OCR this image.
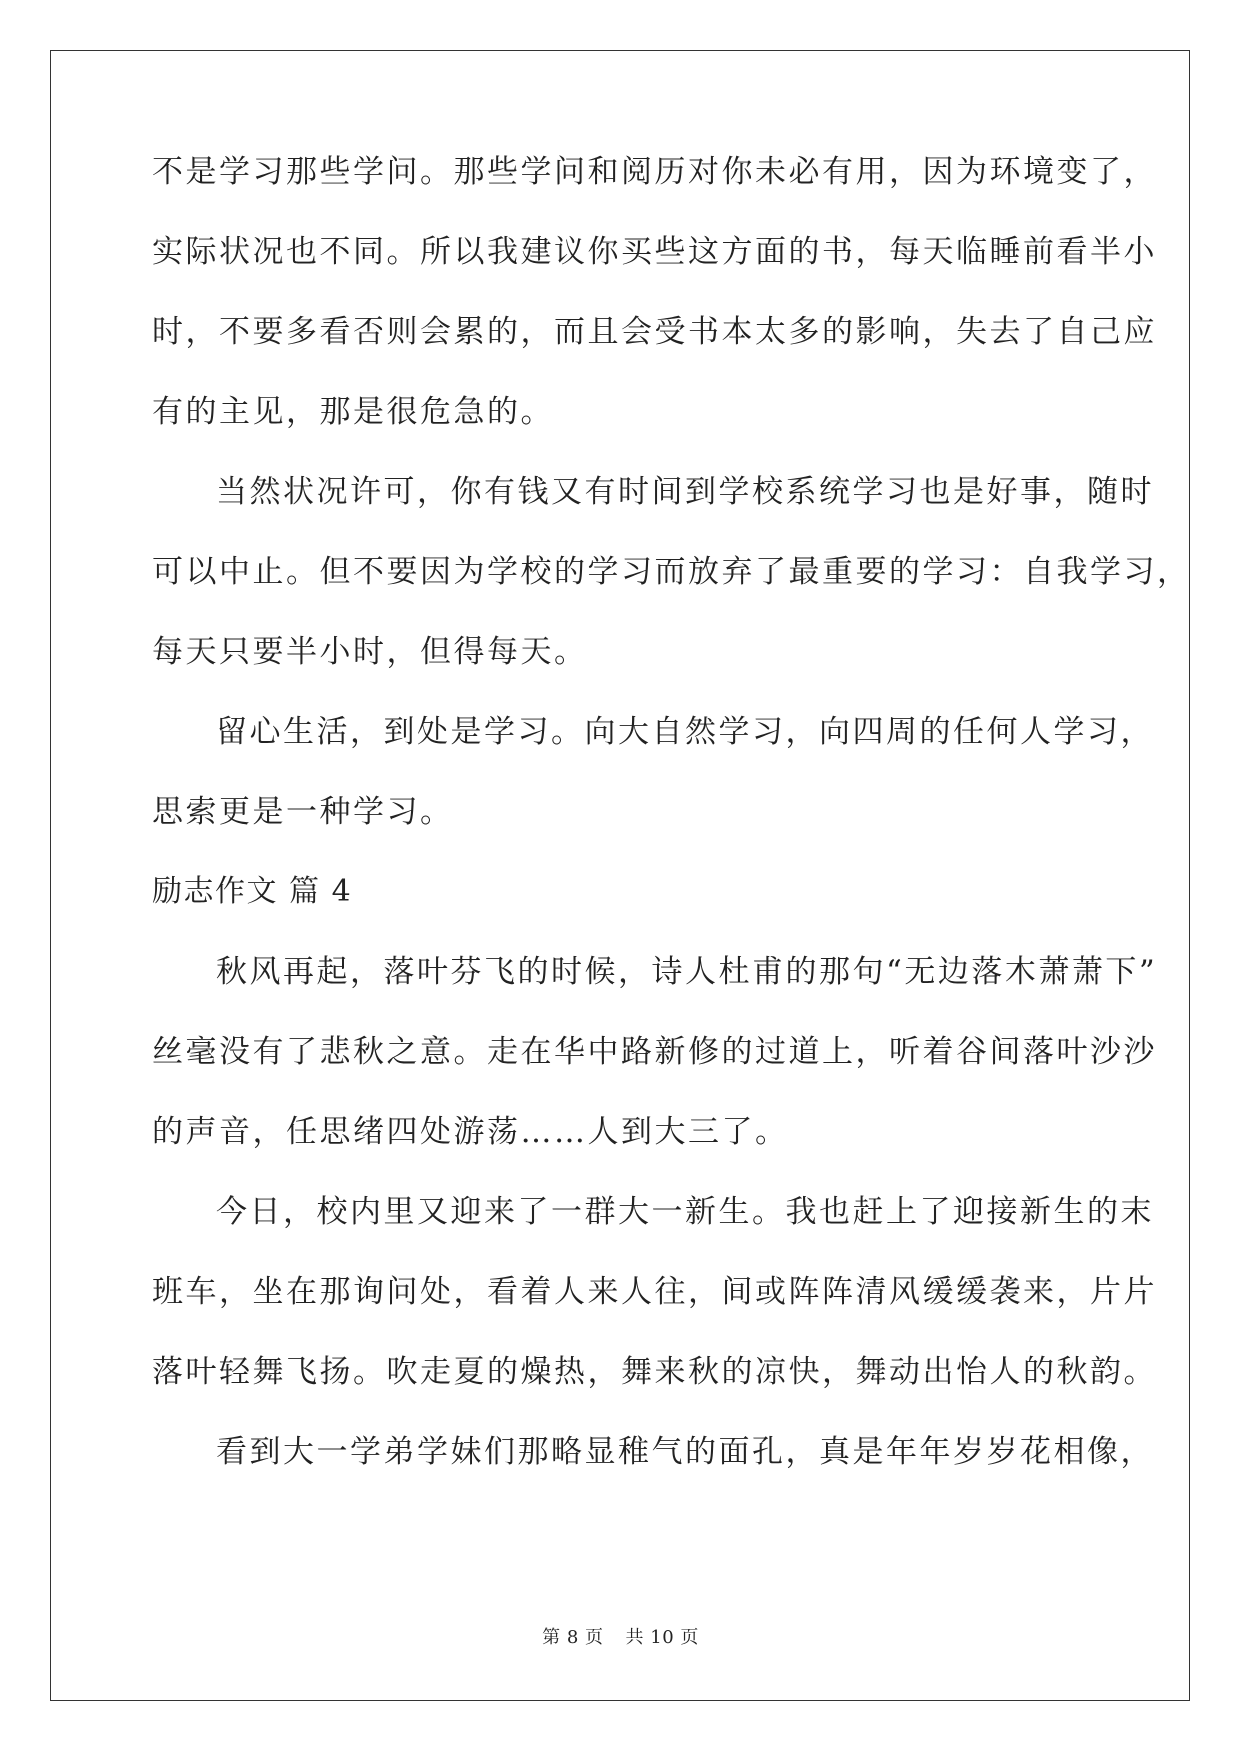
不是学习那些学问。那些学问和阅历对你未必有用，因为环境变了，
实际状况也不同。所以我建议你买些这方面的书，每天临睡前看半小
时，不要多看否则会累的，而且会受书本太多的影响，失去了自己应
有的主见，那是很危急的。
当然状况许可，你有钱又有时间到学校系统学习也是好事，随时
可以中止。但不要因为学校的学习而放弃了最重要的学习：自我学习，
每天只要半小时，但得每天。
留心生活，到处是学习。向大自然学习，向四周的任何人学习，
思索更是一种学习。
励志作文 篇 4
秋风再起，落叶芬飞的时候，诗人杜甫的那句“无边落木萧萧下”
丝毫没有了悲秋之意。走在华中路新修的过道上，听着谷间落叶沙沙
的声音，任思绪四处游荡……人到大三了。
今日，校内里又迎来了一群大一新生。我也赶上了迎接新生的末
班车，坐在那询问处，看着人来人往，间或阵阵清风缓缓袭来，片片
落叶轻舞飞扬。吹走夏的燥热，舞来秋的凉快，舞动出怡人的秋韵。
看到大一学弟学妹们那略显稚气的面孔，真是年年岁岁花相像，
第 8 页 共 10 页
